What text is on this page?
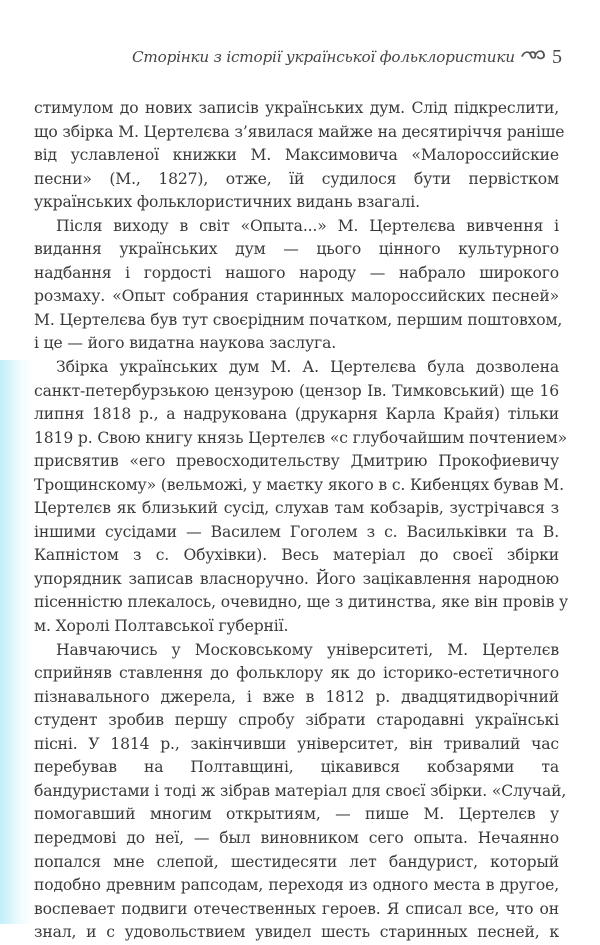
Сторінки з історії української фольклористики 5
стимулом до нових записів українських дум. Слід підкреслити,
що збірка М. Цертелєва з’явилася майже на десятиріччя раніше
від уславленої книжки М. Максимовича «Малороссийские
песни» (М., 1827), отже, їй судилося бути первістком
українських фольклористичних видань взагалі.
Після виходу в світ «Опыта...» М. Цертелєва вивчення і
видання українських дум — цього цінного культурного
надбання і гордості нашого народу — набрало широкого
розмаху. «Опыт собрания старинных малороссийских песней»
М. Цертелєва був тут своєрідним початком, першим поштовхом,
і це — його видатна наукова заслуга.
Збірка українських дум М. А. Цертелєва була дозволена
санкт-петербурзькою цензурою (цензор Ів. Тимковський) ще 16
липня 1818 р., а надрукована (друкарня Карла Крайя) тільки
1819 р. Свою книгу князь Цертелєв «с глубочайшим почтением»
присвятив «его превосходительству Дмитрию Прокофиевичу
Трощинскому» (вельможі, у маєтку якого в с. Кибенцях бував М.
Цертелєв як близький сусід, слухав там кобзарів, зустрічався з
іншими сусідами — Василем Гоголем з с. Васильківки та В.
Капністом з с. Обухівки). Весь матеріал до своєї збірки
упорядник записав власноручно. Його зацікавлення народною
пісенністю плекалось, очевидно, ще з дитинства, яке він провів у
м. Хоролі Полтавської губернії.
Навчаючись у Московському університеті, М. Цертелєв
сприйняв ставлення до фольклору як до історико-естетичного
пізнавального джерела, і вже в 1812 р. двадцятидворічний
студент зробив першу спробу зібрати стародавні українські
пісні. У 1814 р., закінчивши університет, він тривалий час
перебував на Полтавщині, цікавився кобзарями та
бандуристами і тоді ж зібрав матеріал для своєї збірки. «Случай,
помогавший многим открытиям, — пише М. Цертелєв у
передмові до неї, — был виновником сего опыта. Нечаянно
попался мне слепой, шестидесяти лет бандурист, который
подобно древним рапсодам, переходя из одного места в другое,
воспевает подвиги отечественных героев. Я списал все, что он
знал, и с удовольствием увидел шесть старинных песней, к
